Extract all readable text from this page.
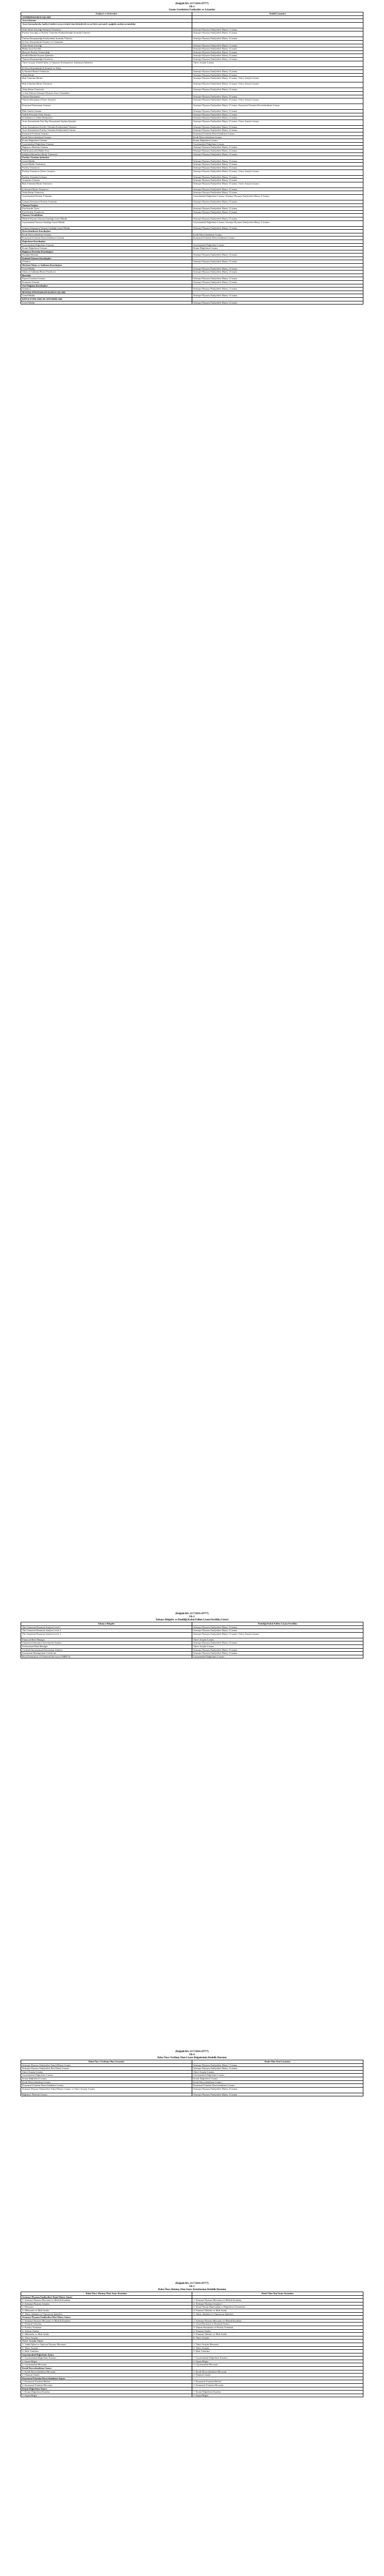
(Değişik:RG-21/7/2016-29777)
Ek-2
Lisans Gerektiren Faaliyetler ve Lisanslar
Faaliyet ve Kriterleri	Yetkili Lisanslar
YATIRIM KURULUŞLARI	
Aracı Kurum	
Aracı kurumlarda, faaliyet izinleri çerçevesinde tüm birimlerde en az birer personel; aşağıda sayılan sorumlular	
Alım Satım Aracılığı Faaliyeti Yöneticisi	Sermaye Piyasası Faaliyetleri Düzey 1 Lisansı
Portföy Aracılığı ve Portföy Yönetimi Faaliyetlerinde Sorumlu Yönetici	Sermaye Piyasası Faaliyetleri Düzey 3 Lisansı
Yatırım Danışmanlığı Faaliyetinde Sorumlu Yönetici	Sermaye Piyasası Faaliyetleri Düzey 3 Lisansı
a) Aracı Kurumlarda Yönetici ve Uzmanlar	
Alım Satım Aracılığı	Sermaye Piyasası Faaliyetleri Düzey 1 Lisansı
Halka Arza Aracılık	Sermaye Piyasası Faaliyetleri Düzey 2 Lisansı
Bireysel Portföy Yöneticiliği	Sermaye Piyasası Faaliyetleri Düzey 3 Lisansı
Kredili Menkul Kıymet İşlemleri	Sermaye Piyasası Faaliyetleri Düzey 2 Lisansı
Yatırım Danışmanlığı Yöneticisi	Sermaye Piyasası Faaliyetleri Düzey 3 Lisansı
Türev Araçlar (Vadeli İşlem ve Opsiyon Sözleşmeleri, Kaldıraçlı İşlemler)	Türev Araçlar Lisansı
b) Aracı Kurumlarda İç Kontrol ve Teftiş	
İç Kontrol Birimi Yöneticisi	Sermaye Piyasası Faaliyetleri Düzey 3 Lisansı
Teftiş Birimi	Sermaye Piyasası Faaliyetleri Düzey 3 Lisansı
Risk Yönetimi Birimi	Sermaye Piyasası Faaliyetleri Düzey 3 Lisansı, Türev Araçlar Lisansı
Risk Yönetimi Birim Yöneticisi	Sermaye Piyasası Faaliyetleri Düzey 3 Lisansı, Türev Araçlar Lisansı
Teftiş Birim Yöneticisi	Sermaye Piyasası Faaliyetleri Düzey 3 Lisansı
c) Ana Yatırım Sermaye Piyasası Aracı Uzmanları	
Yatırım Danışmanı	Sermaye Piyasası Faaliyetleri Düzey 3 Lisansı
Yatırım Danışmanı (Türev Araçlar)	Sermaye Piyasası Faaliyetleri Düzey 3 Lisansı, Türev Araçlar Lisansı
Kurumsal Finansman Uzmanı	Sermaye Piyasası Faaliyetleri Düzey 3 Lisansı, Kurumsal Yönetim Derecelendirme Lisansı
Mali Analiz Uzmanı	Sermaye Piyasası Faaliyetleri Düzey 3 Lisansı
Yetkili Personel (Alım Satım)	Sermaye Piyasası Faaliyetleri Düzey 1 Lisansı
d) Saklama ve Takas Hizmetleri	Sermaye Piyasası Faaliyetleri Düzey 2 Lisansı
Aracı Kurumlarda Yurt Dışı Piyasalarda Yapılan İşlemler	Sermaye Piyasası Faaliyetleri Düzey 2 Lisansı, Türev Araçlar Lisansı
Aracı Kurumların Portföy Yönetim Faaliyetinde Yönetici	Sermaye Piyasası Faaliyetleri Düzey 3 Lisansı
Aracı Kurumların Portföy Yönetim Faaliyetinde Uzman	Sermaye Piyasası Faaliyetleri Düzey 3 Lisansı
Kurumsal Yönetim Uzmanı	Kurumsal Yönetim Derecelendirme Lisansı
Kredi Derecelendirme Uzmanı	Kredi Derecelendirme Lisansı
Konut Değerleme Uzmanı	Konut Değerleme Lisansı
Gayrimenkul Değerleme Uzmanı	Gayrimenkul Değerleme Lisansı
Bağımsız Denetim Uzmanı	Sermaye Piyasası Faaliyetleri Düzey 3 Lisansı
Yetkili personel (Halka Arz)	Sermaye Piyasası Faaliyetleri Düzey 2 Lisansı
Saklama Hizmetleri Birim Yöneticisi	Sermaye Piyasası Faaliyetleri Düzey 2 Lisansı
Portföy Yönetim Şirketleri	
Genel Müdür	Sermaye Piyasası Faaliyetleri Düzey 3 Lisansı
Genel Müdür Yardımcısı	Sermaye Piyasası Faaliyetleri Düzey 3 Lisansı
Portföy Yöneticisi	Sermaye Piyasası Faaliyetleri Düzey 3 Lisansı
Portföy Yöneticisi (Türev Araçlar)	Sermaye Piyasası Faaliyetleri Düzey 3 Lisansı, Türev Araçlar Lisansı
Portföy Yönetimi Uzmanı	Sermaye Piyasası Faaliyetleri Düzey 3 Lisansı
Araştırma Uzmanı	Sermaye Piyasası Faaliyetleri Düzey 3 Lisansı
Risk Yönetimi Birim Yöneticisi	Sermaye Piyasası Faaliyetleri Düzey 3 Lisansı, Türev Araçlar Lisansı
İç Kontrol Birim Yöneticisi	Sermaye Piyasası Faaliyetleri Düzey 3 Lisansı
Teftiş Birim Yöneticisi	Sermaye Piyasası Faaliyetleri Düzey 3 Lisansı
Gayrimenkul Portföy Yönetimi	Gayrimenkul Değerleme Lisansı, Sermaye Piyasası Faaliyetleri Düzey 3 Lisansı
Girişim Sermayesi Portföy Yönetimi	Sermaye Piyasası Faaliyetleri Düzey 3 Lisansı
Yatırım Fonları	
Fon Kurulu Üyesi	Sermaye Piyasası Faaliyetleri Düzey 3 Lisansı
Fon Portföy Yöneticisi	Sermaye Piyasası Faaliyetleri Düzey 3 Lisansı
Yatırım Ortaklıkları	
Menkul Kıymet Yatırım Ortaklığı Genel Müdür	Sermaye Piyasası Faaliyetleri Düzey 3 Lisansı
Gayrimenkul Yatırım Ortaklığı Genel Müdür	Gayrimenkul Değerleme Lisansı, Sermaye Piyasası Faaliyetleri Düzey 3 Lisansı
Girişim Sermayesi Yatırım Ortaklığı Genel Müdür	Sermaye Piyasası Faaliyetleri Düzey 3 Lisansı
Derecelendirme Kuruluşları	
Kredi Derecelendirme Uzmanı	Kredi Derecelendirme Lisansı
Kurumsal Yönetim Derecelendirme Uzmanı	Kurumsal Yönetim Derecelendirme Lisansı
Değerleme Kuruluşları	
Gayrimenkul Değerleme Uzmanı	Gayrimenkul Değerleme Lisansı
Konut Değerleme Uzmanı	Konut Değerleme Lisansı
Bağımsız Denetim Kuruluşları	
Sorumlu Denetçi	Sermaye Piyasası Faaliyetleri Düzey 3 Lisansı
Kolektif Yatırım Kuruluşları	
Yönetici	Sermaye Piyasası Faaliyetleri Düzey 3 Lisansı
Merkezi Takas ve Saklama Kuruluşları	
Genel Müdür	Sermaye Piyasası Faaliyetleri Düzey 2 Lisansı
Takas ve Saklama Birim Yöneticisi	Sermaye Piyasası Faaliyetleri Düzey 2 Lisansı
Borsalar	
Piyasa Gözetim Uzmanı	Sermaye Piyasası Faaliyetleri Düzey 3 Lisansı
Kotasyon Uzmanı	Sermaye Piyasası Faaliyetleri Düzey 3 Lisansı
Veri Dağıtım Kuruluşları	
Yönetici	Sermaye Piyasası Faaliyetleri Düzey 1 Lisansı
İPOTEK FİNANSMANI KURULUŞLARI	
Genel Müdür	Sermaye Piyasası Faaliyetleri Düzey 3 Lisansı
KİTLE FONLAMA PLATFORMLARI	
Genel Müdür	Sermaye Piyasası Faaliyetleri Düzey 2 Lisansı
(Değişik:RG-21/7/2016-29777)
Ek-3
Yabancı Belgeler ve Denkliği Kabul Edilen Lisans/Sertifika Listesi
Yabancı Belgeler	Denkliği Kabul Edilen Lisans/Sertifika
The Chartered Financial Analyst Level 1	Sermaye Piyasası Faaliyetleri Düzey 3 Lisansı
The Chartered Financial Analyst Level 2	Sermaye Piyasası Faaliyetleri Düzey 3 Lisansı
The Chartered Financial Analyst Level 3	Sermaye Piyasası Faaliyetleri Düzey 3 Lisansı, Türev Araçlar Lisansı
Financial Risk Manager	Türev Araçlar Lisansı
Chartered Alternative Investment Analyst	Sermaye Piyasası Faaliyetleri Düzey 3 Lisansı
Professional Risk Manager	Türev Araçlar Lisansı
Certified International Investment Analyst	Sermaye Piyasası Faaliyetleri Düzey 3 Lisansı
Investment Management Certificate	Sermaye Piyasası Faaliyetleri Düzey 2 Lisansı
Royal Institution of Chartered Surveyors (MRICS)	Gayrimenkul Değerleme Lisansı
(Değişik:RG-21/7/2016-29777)
Ek-4
Daha Önce Verilmiş Olan Lisans Belgelerinin Denklik Durumu
Daha Önce Verilmiş Olan Lisanslar	Denk Olan Yeni Lisanslar
Sermaye Piyasası Faaliyetleri Temel Düzey Lisansı	Sermaye Piyasası Faaliyetleri Düzey 1 Lisansı
Sermaye Piyasası Faaliyetleri İleri Düzey Lisansı	Sermaye Piyasası Faaliyetleri Düzey 3 Lisansı
Türev Araçlar Lisansı	Türev Araçlar Lisansı
Gayrimenkul Değerleme Lisansı	Gayrimenkul Değerleme Lisansı
Konut Değerleme Lisansı	Konut Değerleme Lisansı
Kredi Derecelendirme Lisansı	Kredi Derecelendirme Lisansı
Kurumsal Yönetim Derecelendirme Lisansı	Kurumsal Yönetim Derecelendirme Lisansı
Sermaye Piyasası Faaliyetleri Temel Düzey Lisansı ve Türev Araçlar Lisansı	Sermaye Piyasası Faaliyetleri Düzey 2 Lisansı
Bağımsız Denetim Lisansı	Sermaye Piyasası Faaliyetleri Düzey 3 Lisansı
(Değişik:RG-21/7/2016-29777)
Ek-5
Daha Önce Alınmış Olan Sınav Konularının Denklik Durumu
Daha Önce Alınmış Olan Sınav Konuları	Denk Olan Yeni Sınav Konuları
Sermaye Piyasası Faaliyetleri Temel Düzey Sınavı	
1- Sermaye Piyasası Mevzuatı ve Meslek Kuralları	1- Sermaye Piyasası Mevzuatı ve Meslek Kuralları
2- Sermaye Piyasası Araçları	2- Sermaye Piyasası Araçları 1
3- Ekonomi	3- Temel Finans Matematiği ve Değerleme Yöntemleri
4- Muhasebe ve Mali Analiz	4- Finansal Tablolar ve Mali Analiz
5- Takas, Saklama ve Operasyon İşlemleri	5- Takas, Saklama ve Operasyon İşlemleri
Sermaye Piyasası Faaliyetleri İleri Düzey Sınavı	
1- Sermaye Piyasası Mevzuatı ve Meslek Kuralları	1- Sermaye Piyasası Mevzuatı ve Meslek Kuralları
2- Finansal Yönetim	2- Genel Ekonomi ve Finansal Sistem
3- Portföy Yönetimi	3- Yatırım Kuramları ve Portföy Yönetimi
4- Yatırım Analizi	4- Finansal Analiz
5- Muhasebe ve Mali Analiz	5- Finansal Tablolar ve Mali Analiz
6- Türev Araçlar	6- Türev Araçlar
Türev Araçlar Sınavı	
1- Vadeli İşlem ve Opsiyon Piyasası Mevzuatı	1- Türev Araçlar Mevzuatı
2- Türev Araçlar	2- Türev Araçlar
3- Risk Yönetimi	3- Risk Yönetimi
Gayrimenkul Değerleme Sınavı	
1- Gayrimenkul Değerleme Esasları	1- Gayrimenkul Değerleme Esasları
2- İnşaat Bilgisi	2- İnşaat Bilgisi
3- Gayrimenkul Mevzuatı	3- Gayrimenkul Mevzuatı
Kredi Derecelendirme Sınavı	
1- Kredi Derecelendirme Mevzuatı	1- Kredi Derecelendirme Mevzuatı
2- Finansal Analiz	2- Finansal Analiz
Kurumsal Yönetim Derecelendirme Sınavı	
1- Kurumsal Yönetim İlkeleri	1- Kurumsal Yönetim İlkeleri
2- Kurumsal Yönetim Mevzuatı	2- Kurumsal Yönetim Mevzuatı
Konut Değerleme Sınavı	
1- Konut Değerleme Esasları	1- Konut Değerleme Esasları
2- İnşaat Bilgisi	2- İnşaat Bilgisi
